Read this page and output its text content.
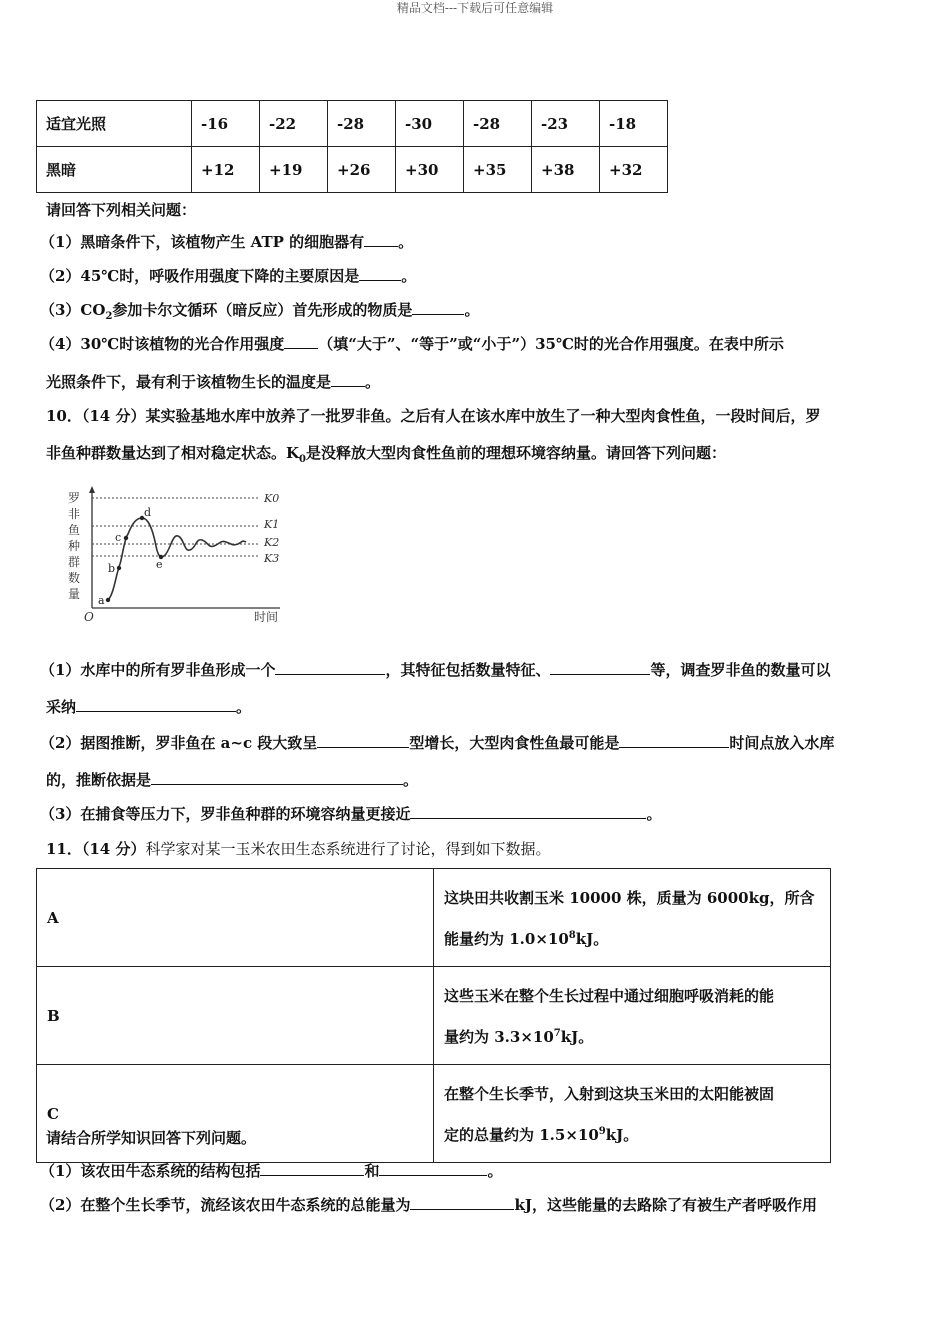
精品文档---下载后可任意编辑
适宜光照	-16	-22	-28	-30	-28	-23	-18
黑暗	+12	+19	+26	+30	+35	+38	+32
请回答下列相关问题：
（1）黑暗条件下，该植物产生 ATP 的细胞器有 。
（2）45℃时，呼吸作用强度下降的主要原因是	。
$(3)CO_2$参加卡尔文循环（暗反应）首先形成的物质是	。
（4）30℃时该植物的光合作用强度 （填“大于”、“等于”或“小于”）35℃时的光合作用强度。在表中所示
光照条件下，最有利于该植物生长的温度是 。
10．（14 分）某实验基地水库中放养了一批罗非鱼。之后有人在该水库中放生了一种大型肉食性鱼，一段时间后，罗
非鱼种群数量达到了相对稳定状态。$K_0$是没释放大型肉食性鱼前的理想环境容纳量。请回答下列问题：
罗
非
鱼
种
群
数
量
O	时间
K0
K1
K2
K3
a
b
c
d
e
（1）水库中的所有罗非鱼形成一个	，其特征包括数量特征、	等，调查罗非鱼的数量可以
采纳	。
（2）据图推断，罗非鱼在 a~c 段大致呈	型增长，大型肉食性鱼最可能是	时间点放入水库
的，推断依据是	。
（3）在捕食等压力下，罗非鱼种群的环境容纳量更接近	。
11．（14 分）科学家对某一玉米农田生态系统进行了讨论，得到如下数据。
A	这块田共收割玉米 10000 株，质量为 6000kg，所含
能量约为 $1.0\times 10^8kJ$。
B	这些玉米在整个生长过程中通过细胞呼吸消耗的能
量约为 $3.3\times 10^7kJ$。
C	在整个生长季节，入射到这块玉米田的太阳能被固
定的总量约为 $1.5\times 10^9kJ$。
请结合所学知识回答下列问题。
（1）该农田牛态系统的结构包括	和	。
（2）在整个生长季节，流经该农田牛态系统的总能量为	kJ，这些能量的去路除了有被生产者呼吸作用
